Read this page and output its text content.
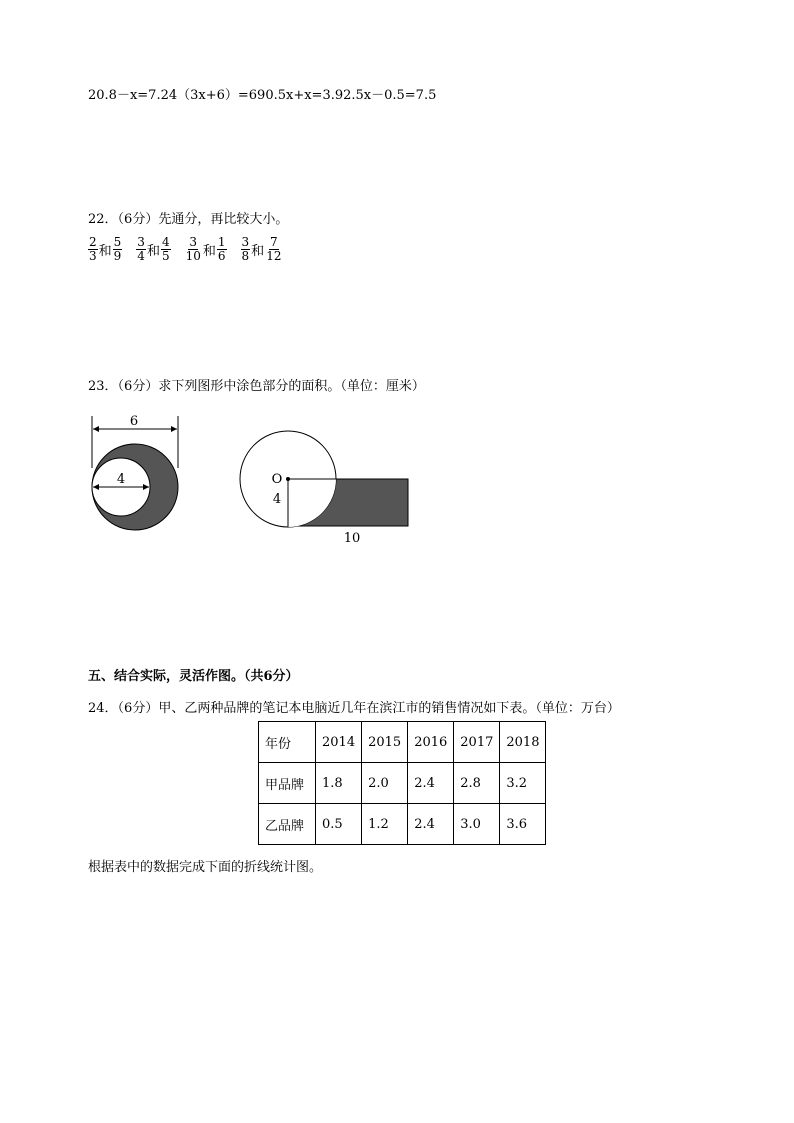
20.8－x=7.24（3x+6）=690.5x+x=3.92.5x－0.5=7.5
22．（6分）先通分，再比较大小。
$\frac{2}{3}$ 和 $\frac{5}{9} \frac{3}{4}$ 和 $\frac{4}{5} \frac{3}{10}$ 和 $\frac{1}{6} \frac{3}{8}$ 和 $\frac{7}{12}$
23．（6分）求下列图形中涂色部分的面积。（单位：厘米）
6
4	O
4
10
五、结合实际，灵活作图。（共6分）
24．（6分）甲、乙两种品牌的笔记本电脑近几年在滨江市的销售情况如下表。（单位：万台）
年份	2014	2015	2016	2017	2018
甲品牌	1.8	2.0	2.4	2.8	3.2
乙品牌	0.5	1.2	2.4	3.0	3.6
根据表中的数据完成下面的折线统计图。
